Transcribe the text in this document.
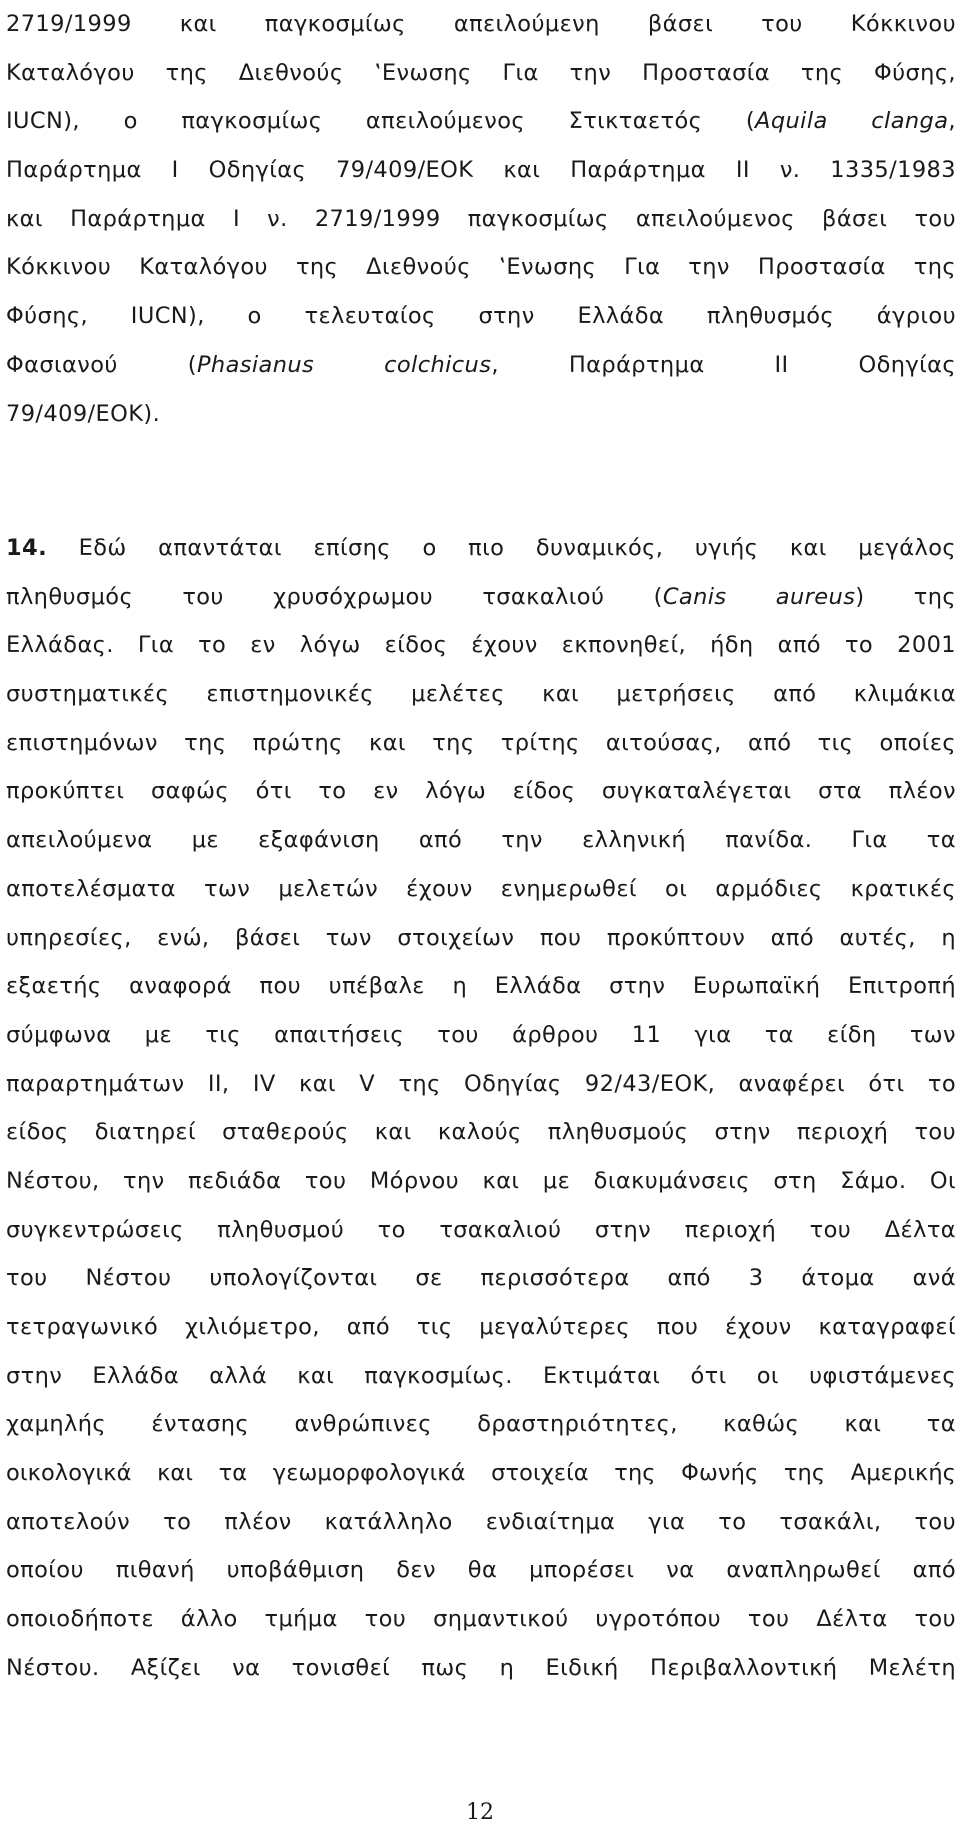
2719/1999 και παγκοσμίως απειλούμενη βάσει του Κόκκινου
Καταλόγου της Διεθνούς ‛Ενωσης Για την Προστασία της Φύσης,
IUCN), ο παγκοσμίως απειλούμενος Στικταετός (Aquila clanga,
Παράρτημα I Οδηγίας 79/409/ΕΟΚ και Παράρτημα II ν. 1335/1983
και Παράρτημα I ν. 2719/1999 παγκοσμίως απειλούμενος βάσει του
Κόκκινου Καταλόγου της Διεθνούς ‛Ενωσης Για την Προστασία της
Φύσης, IUCN), ο τελευταίος στην Ελλάδα πληθυσμός άγριου
Φασιανού (Phasianus colchicus, Παράρτημα II Οδηγίας
79/409/ΕΟΚ).
14. Εδώ απαντάται επίσης ο πιο δυναμικός, υγιής και μεγάλος
πληθυσμός του χρυσόχρωμου τσακαλιού (Canis aureus) της
Ελλάδας. Για το εν λόγω είδος έχουν εκπονηθεί, ήδη από το 2001
συστηματικές επιστημονικές μελέτες και μετρήσεις από κλιμάκια
επιστημόνων της πρώτης και της τρίτης αιτούσας, από τις οποίες
προκύπτει σαφώς ότι το εν λόγω είδος συγκαταλέγεται στα πλέον
απειλούμενα με εξαφάνιση από την ελληνική πανίδα. Για τα
αποτελέσματα των μελετών έχουν ενημερωθεί οι αρμόδιες κρατικές
υπηρεσίες, ενώ, βάσει των στοιχείων που προκύπτουν από αυτές, η
εξαετής αναφορά που υπέβαλε η Ελλάδα στην Ευρωπαϊκή Επιτροπή
σύμφωνα με τις απαιτήσεις του άρθρου 11 για τα είδη των
παραρτημάτων II, IV και V της Οδηγίας 92/43/ΕΟΚ, αναφέρει ότι το
είδος διατηρεί σταθερούς και καλούς πληθυσμούς στην περιοχή του
Νέστου, την πεδιάδα του Μόρνου και με διακυμάνσεις στη Σάμο. Οι
συγκεντρώσεις πληθυσμού το τσακαλιού στην περιοχή του Δέλτα
του Νέστου υπολογίζονται σε περισσότερα από 3 άτομα ανά
τετραγωνικό χιλιόμετρο, από τις μεγαλύτερες που έχουν καταγραφεί
στην Ελλάδα αλλά και παγκοσμίως. Εκτιμάται ότι οι υφιστάμενες
χαμηλής έντασης ανθρώπινες δραστηριότητες, καθώς και τα
οικολογικά και τα γεωμορφολογικά στοιχεία της Φωνής της Αμερικής
αποτελούν το πλέον κατάλληλο ενδιαίτημα για το τσακάλι, του
οποίου πιθανή υποβάθμιση δεν θα μπορέσει να αναπληρωθεί από
οποιοδήποτε άλλο τμήμα του σημαντικού υγροτόπου του Δέλτα του
Νέστου. Αξίζει να τονισθεί πως η Ειδική Περιβαλλοντική Μελέτη
12
